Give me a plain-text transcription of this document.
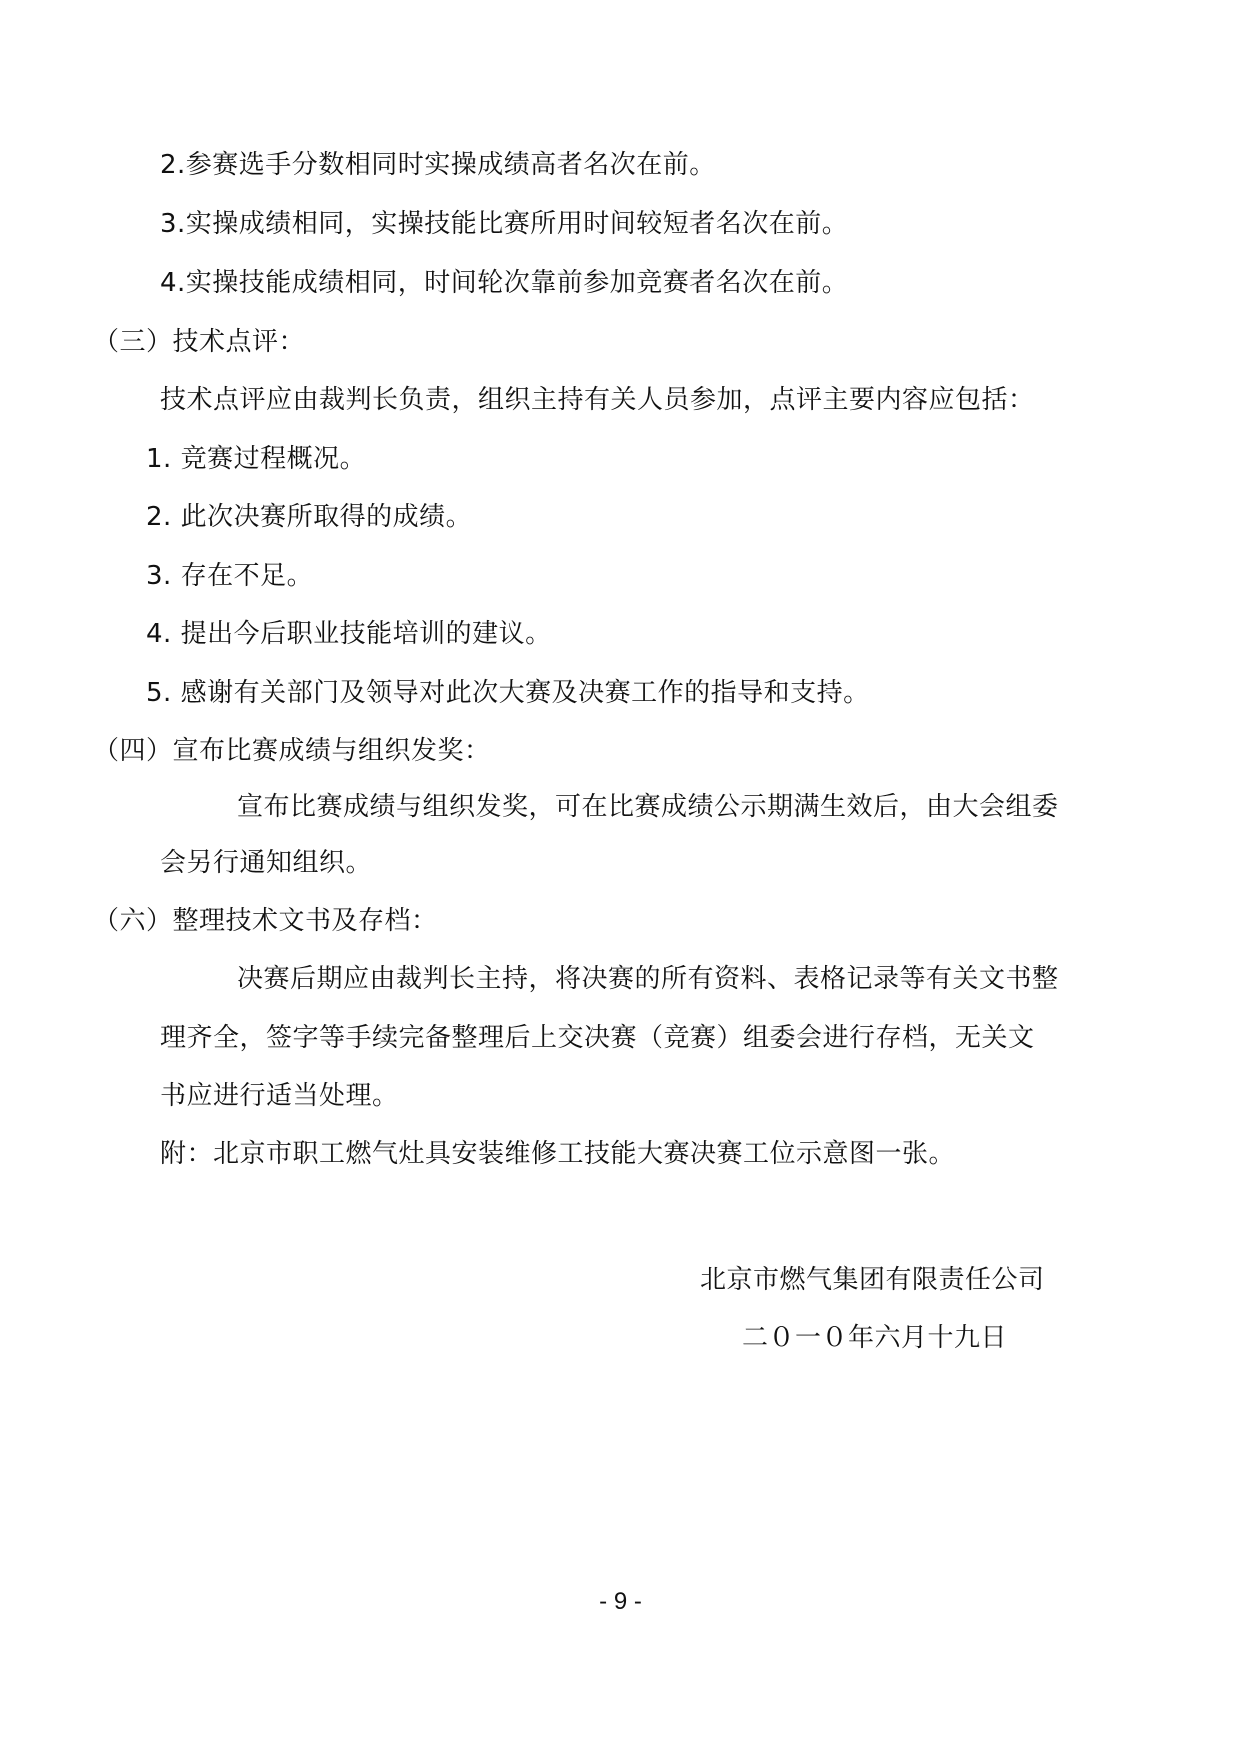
2.参赛选手分数相同时实操成绩高者名次在前。
3.实操成绩相同，实操技能比赛所用时间较短者名次在前。
4.实操技能成绩相同，时间轮次靠前参加竞赛者名次在前。
（三）技术点评：
技术点评应由裁判长负责，组织主持有关人员参加，点评主要内容应包括：
1. 竞赛过程概况。
2. 此次决赛所取得的成绩。
3. 存在不足。
4. 提出今后职业技能培训的建议。
5. 感谢有关部门及领导对此次大赛及决赛工作的指导和支持。
（四）宣布比赛成绩与组织发奖：
宣布比赛成绩与组织发奖，可在比赛成绩公示期满生效后，由大会组委
会另行通知组织。
（六）整理技术文书及存档：
决赛后期应由裁判长主持，将决赛的所有资料、表格记录等有关文书整
理齐全，签字等手续完备整理后上交决赛（竞赛）组委会进行存档，无关文
书应进行适当处理。
附：北京市职工燃气灶具安装维修工技能大赛决赛工位示意图一张。
北京市燃气集团有限责任公司
二０一０年六月十九日
- 9 -
